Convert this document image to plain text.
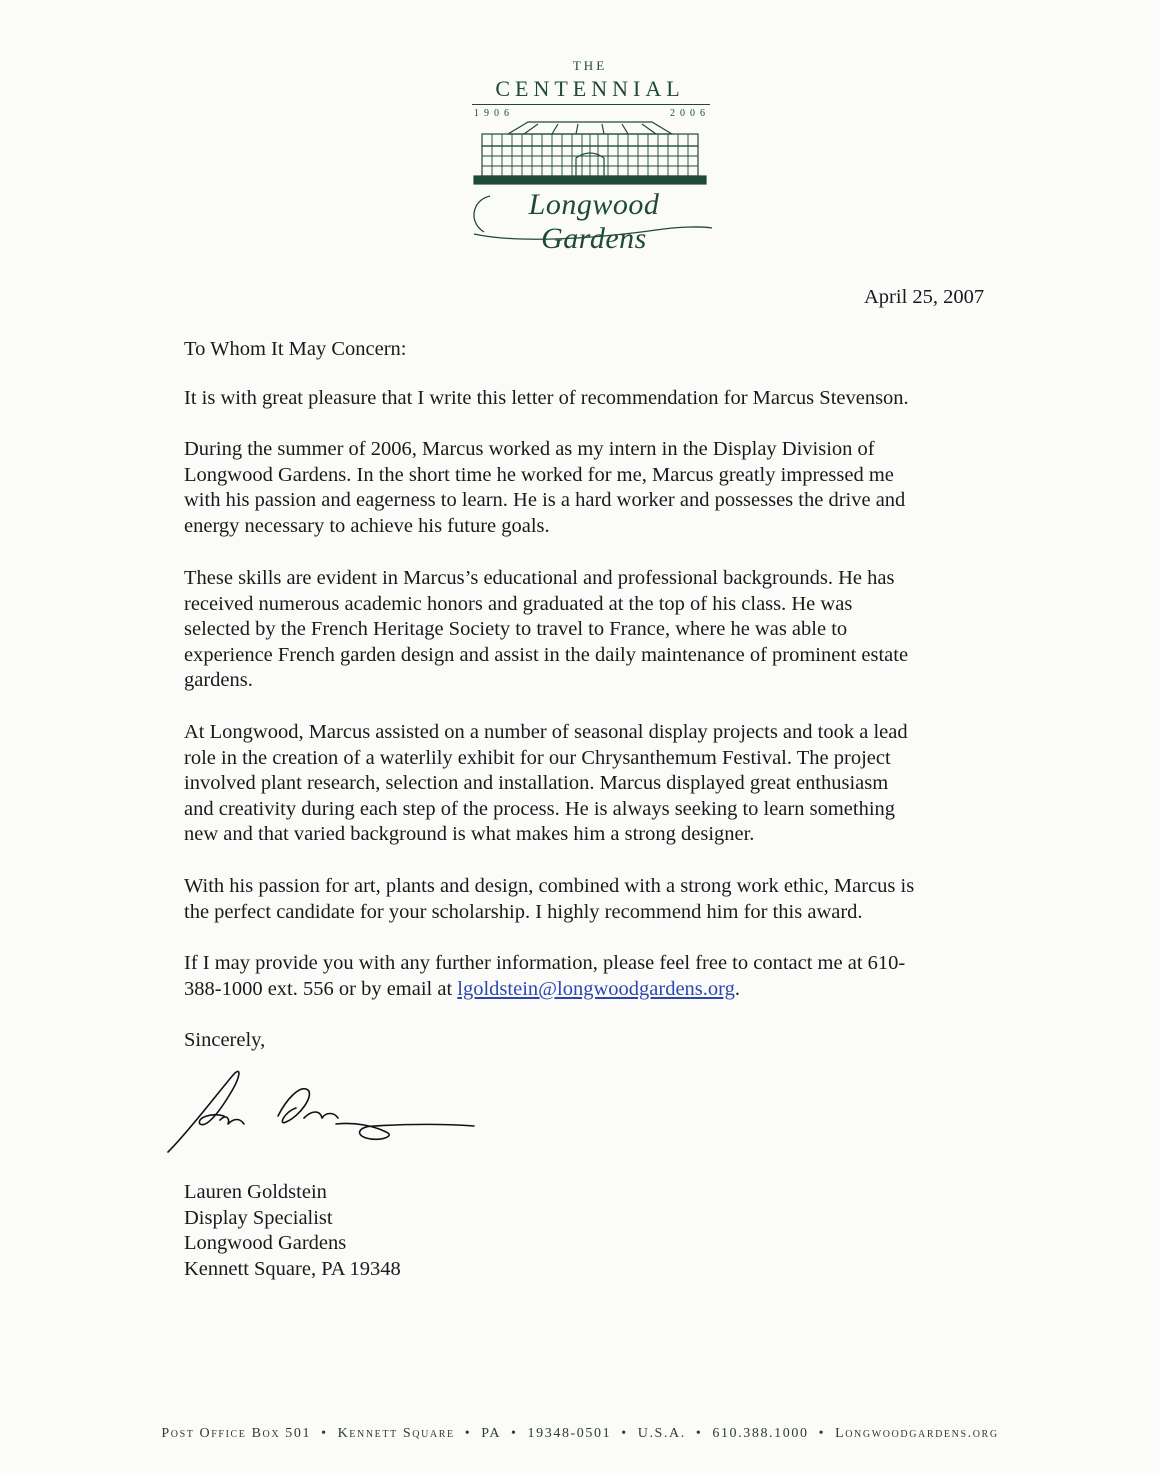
THE
CENTENNIAL
1906	2006
Longwood Gardens
April 25, 2007
To Whom It May Concern:
It is with great pleasure that I write this letter of recommendation for Marcus Stevenson.
During the summer of 2006, Marcus worked as my intern in the Display Division of
Longwood Gardens. In the short time he worked for me, Marcus greatly impressed me
with his passion and eagerness to learn. He is a hard worker and possesses the drive and
energy necessary to achieve his future goals.
These skills are evident in Marcus’s educational and professional backgrounds. He has
received numerous academic honors and graduated at the top of his class. He was
selected by the French Heritage Society to travel to France, where he was able to
experience French garden design and assist in the daily maintenance of prominent estate
gardens.
At Longwood, Marcus assisted on a number of seasonal display projects and took a lead
role in the creation of a waterlily exhibit for our Chrysanthemum Festival. The project
involved plant research, selection and installation. Marcus displayed great enthusiasm
and creativity during each step of the process. He is always seeking to learn something
new and that varied background is what makes him a strong designer.
With his passion for art, plants and design, combined with a strong work ethic, Marcus is
the perfect candidate for your scholarship. I highly recommend him for this award.
If I may provide you with any further information, please feel free to contact me at 610-
388-1000 ext. 556 or by email at lgoldstein@longwoodgardens.org.
Sincerely,
Lauren Goldstein
Display Specialist
Longwood Gardens
Kennett Square, PA 19348
Post Office Box 501 • Kennett Square • PA • 19348-0501 • U.S.A. • 610.388.1000 • Longwoodgardens.org
